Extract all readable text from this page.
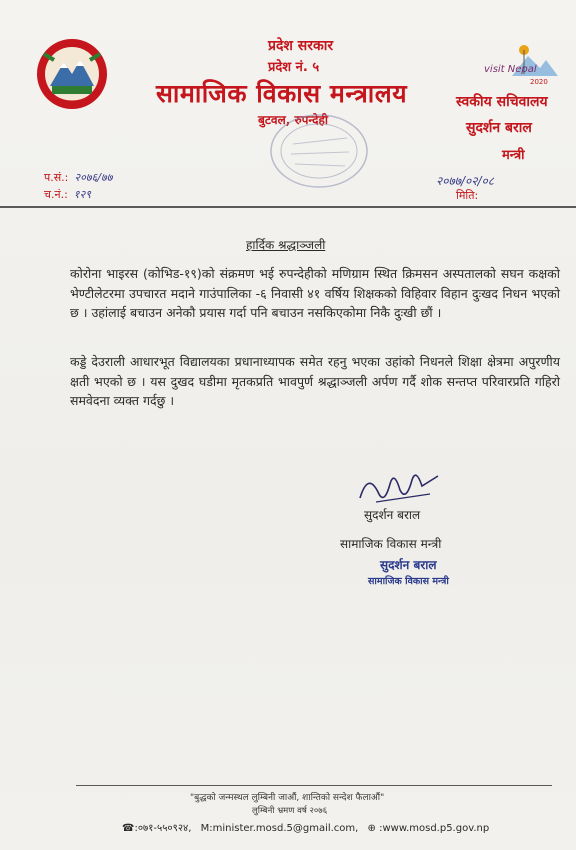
प्रदेश सरकार
प्रदेश नं. ५
सामाजिक विकास मन्त्रालय
बुटवल, रुपन्देही
visit Nepal
2020
स्वकीय सचिवालय
सुदर्शन बराल
मन्त्री
प.सं.: २०७६/७७
च.नं.: १२९
२०७७/०२/०८
मिति:
हार्दिक श्रद्धाञ्जली
कोरोना भाइरस (कोभिड-१९)को संक्रमण भई रुपन्देहीको मणिग्राम स्थित क्रिमसन अस्पतालको सघन कक्षको भेण्टीलेटरमा उपचारत मदाने गाउंपालिका -६ निवासी ४१ वर्षिय शिक्षकको विहिवार विहान दुःखद निधन भएको छ । उहांलाई बचाउन अनेकौ प्रयास गर्दा पनि बचाउन नसकिएकोमा निकै दुःखी छौं ।
कड्डे देउराली आधारभूत विद्यालयका प्रधानाध्यापक समेत रहनु भएका उहांको निधनले शिक्षा क्षेत्रमा अपुरणीय क्षती भएको छ । यस दुखद घडीमा मृतकप्रति भावपुर्ण श्रद्धाञ्जली अर्पण गर्दै शोक सन्तप्त परिवारप्रति गहिरो समवेदना व्यक्त गर्दछु ।
सुदर्शन बराल
सामाजिक विकास मन्त्री
सुदर्शन बराल
सामाजिक विकास मन्त्री
"बुद्धको जन्मस्थल लुम्बिनी जाऔं, शान्तिको सन्देश फैलाऔं"
लुम्बिनी भ्रमण वर्ष २०७६
☎:०७१-५५०९२४, M:minister.mosd.5@gmail.com, ⊕ :www.mosd.p5.gov.np
